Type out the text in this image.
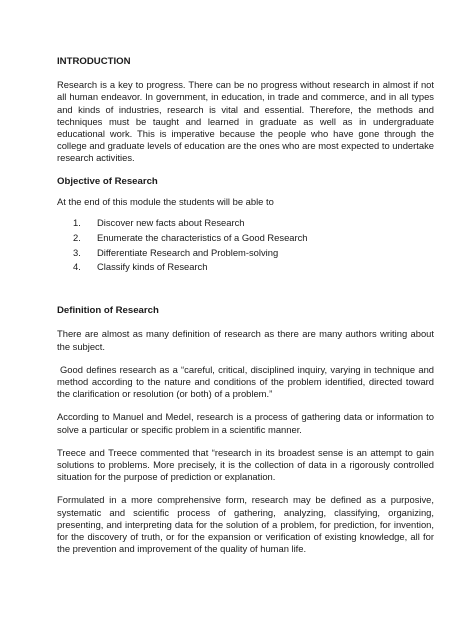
INTRODUCTION

Research is a key to progress. There can be no progress without research in almost if not all human endeavor. In government, in education, in trade and commerce, and in all types and kinds of industries, research is vital and essential. Therefore, the methods and techniques must be taught and learned in graduate as well as in undergraduate educational work. This is imperative because the people who have gone through the college and graduate levels of education are the ones who are most expected to undertake research activities.

Objective of Research

At the end of this module the students will be able to

1.	Discover new facts about Research
2.	Enumerate the characteristics of a Good Research
3.	Differentiate Research and Problem-solving
4.	Classify kinds of Research
Definition of Research

There are almost as many definition of research as there are many authors writing about the subject.

Good defines research as a “careful, critical, disciplined inquiry, varying in technique and method according to the nature and conditions of the problem identified, directed toward the clarification or resolution (or both) of a problem.”

According to Manuel and Medel, research is a process of gathering data or information to solve a particular or specific problem in a scientific manner.

Treece and Treece commented that “research in its broadest sense is an attempt to gain solutions to problems. More precisely, it is the collection of data in a rigorously controlled situation for the purpose of prediction or explanation.

Formulated in a more comprehensive form, research may be defined as a purposive, systematic and scientific process of gathering, analyzing, classifying, organizing, presenting, and interpreting data for the solution of a problem, for prediction, for invention, for the discovery of truth, or for the expansion or verification of existing knowledge, all for the prevention and improvement of the quality of human life.
